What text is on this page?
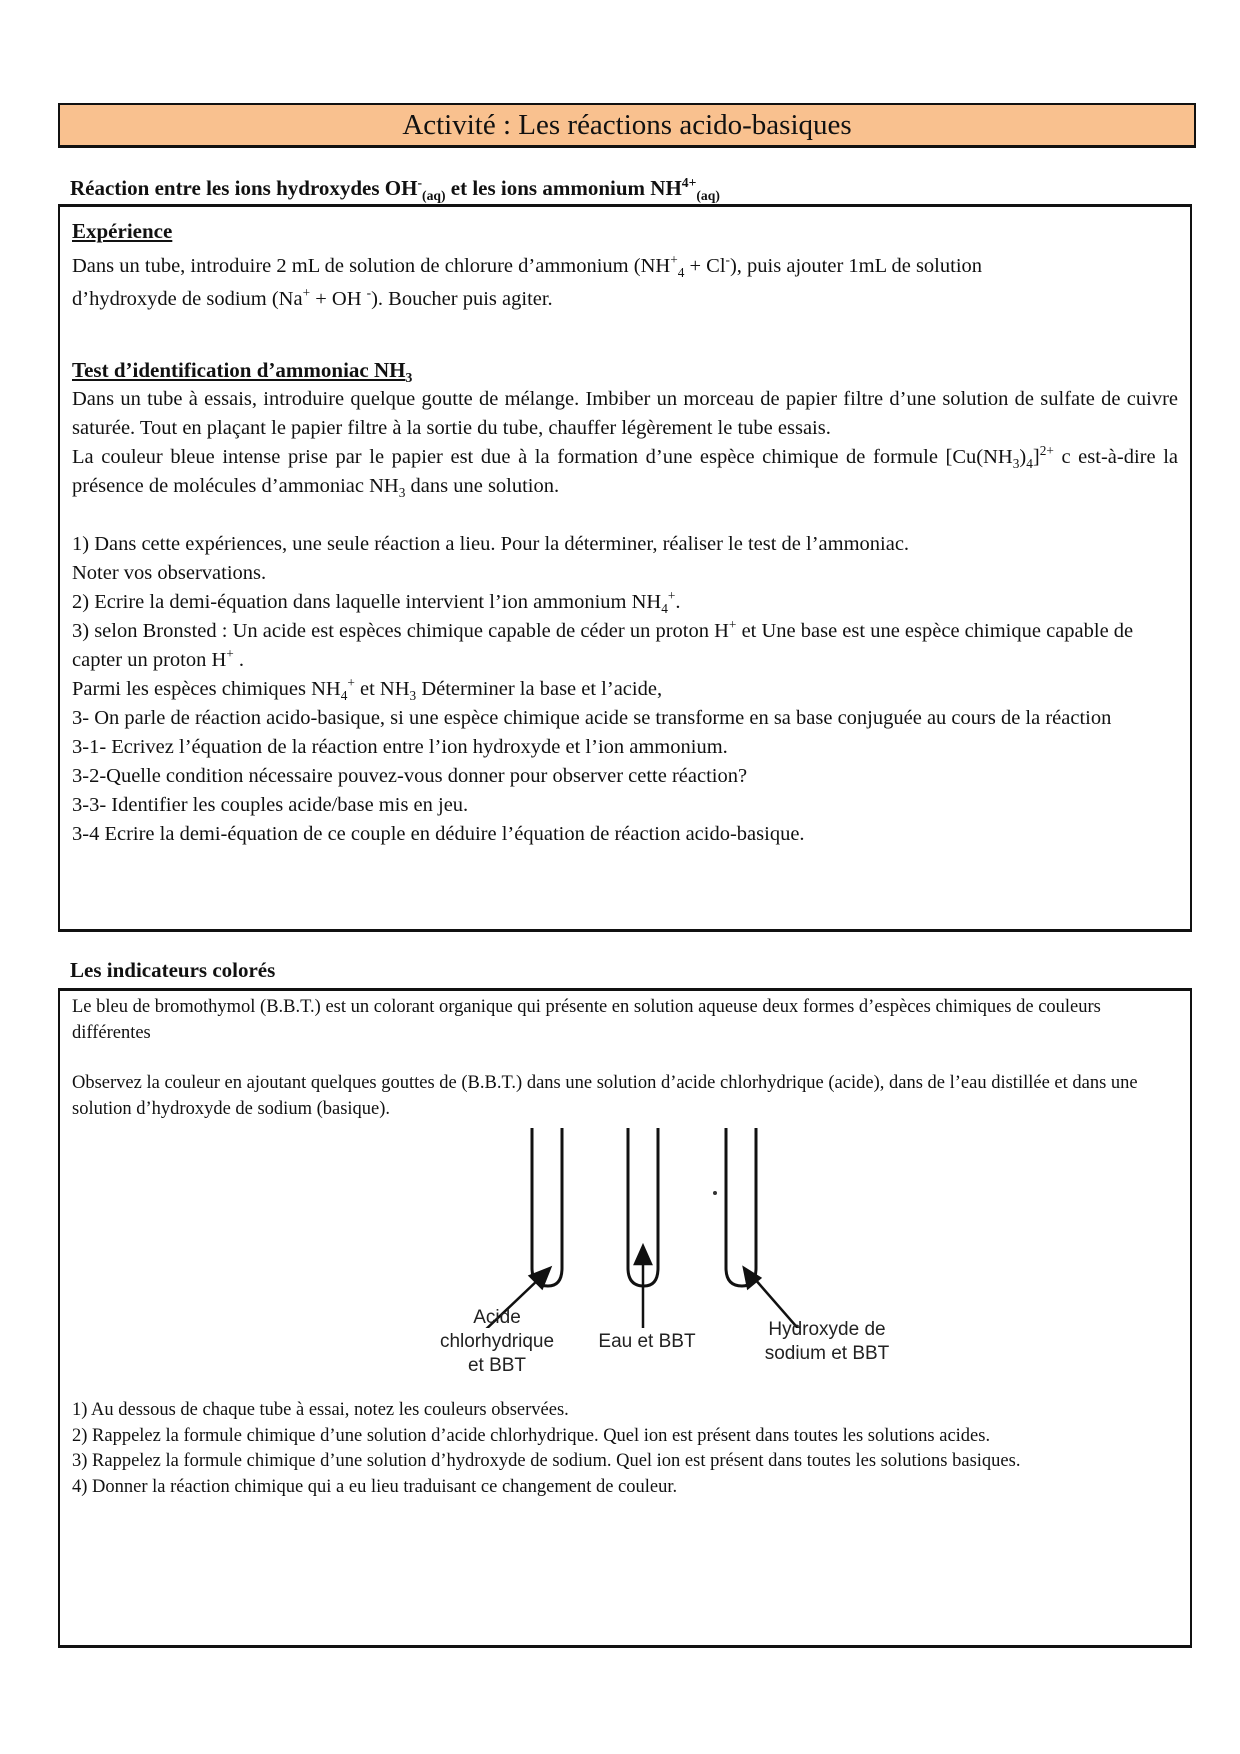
Activité : Les réactions acido-basiques
Réaction entre les ions hydroxydes $OH^-_{(aq)}$ et les ions ammonium $NH^{4+}_{(aq)}$
Expérience

Dans un tube, introduire 2 mL de solution de chlorure d’ammonium $(NH^+_4 + Cl^-)$, puis ajouter 1mL de solution
d’hydroxyde de sodium (Na+ + OH -). Boucher puis agiter.

Test d’identification d’ammoniac $NH_3$

Dans un tube à essais, introduire quelque goutte de mélange. Imbiber un morceau de papier filtre d’une solution de sulfate de cuivre saturée. Tout en plaçant le papier filtre à la sortie du tube, chauffer légèrement le tube essais.

La couleur bleue intense prise par le papier est due à la formation d’une espèce chimique de formule $[Cu(NH_3)_4]^{2+}$ c est-à-dire la présence de molécules d’ammoniac $NH_3$ dans une solution.

1) Dans cette expériences, une seule réaction a lieu. Pour la déterminer, réaliser le test de l’ammoniac.

Noter vos observations.

2) Ecrire la demi-équation dans laquelle intervient l’ion ammonium $NH_4^+$.

3) selon Bronsted : Un acide est espèces chimique capable de céder un proton H+ et Une base est une espèce chimique capable de capter un proton H+ .

Parmi les espèces chimiques $NH_4^+$ et $NH_3$ Déterminer la base et l’acide,

3- On parle de réaction acido-basique, si une espèce chimique acide se transforme en sa base conjuguée au cours de la réaction

3-1- Ecrivez l’équation de la réaction entre l’ion hydroxyde et l’ion ammonium.

3-2-Quelle condition nécessaire pouvez-vous donner pour observer cette réaction?

3-3- Identifier les couples acide/base mis en jeu.

3-4 Ecrire la demi-équation de ce couple en déduire l’équation de réaction acido-basique.

Les indicateurs colorés

Le bleu de bromothymol (B.B.T.) est un colorant organique qui présente en solution aqueuse deux formes d’espèces chimiques de couleurs différentes

Observez la couleur en ajoutant quelques gouttes de (B.B.T.) dans une solution d’acide chlorhydrique (acide), dans de l’eau distillée et dans une solution d’hydroxyde de sodium (basique).

Acide
chlorhydrique
et BBT
Eau et BBT
Hydroxyde de
sodium et BBT

1) Au dessous de chaque tube à essai, notez les couleurs observées.

2) Rappelez la formule chimique d’une solution d’acide chlorhydrique. Quel ion est présent dans toutes les solutions acides.

3) Rappelez la formule chimique d’une solution d’hydroxyde de sodium. Quel ion est présent dans toutes les solutions basiques.

4) Donner la réaction chimique qui a eu lieu traduisant ce changement de couleur.
